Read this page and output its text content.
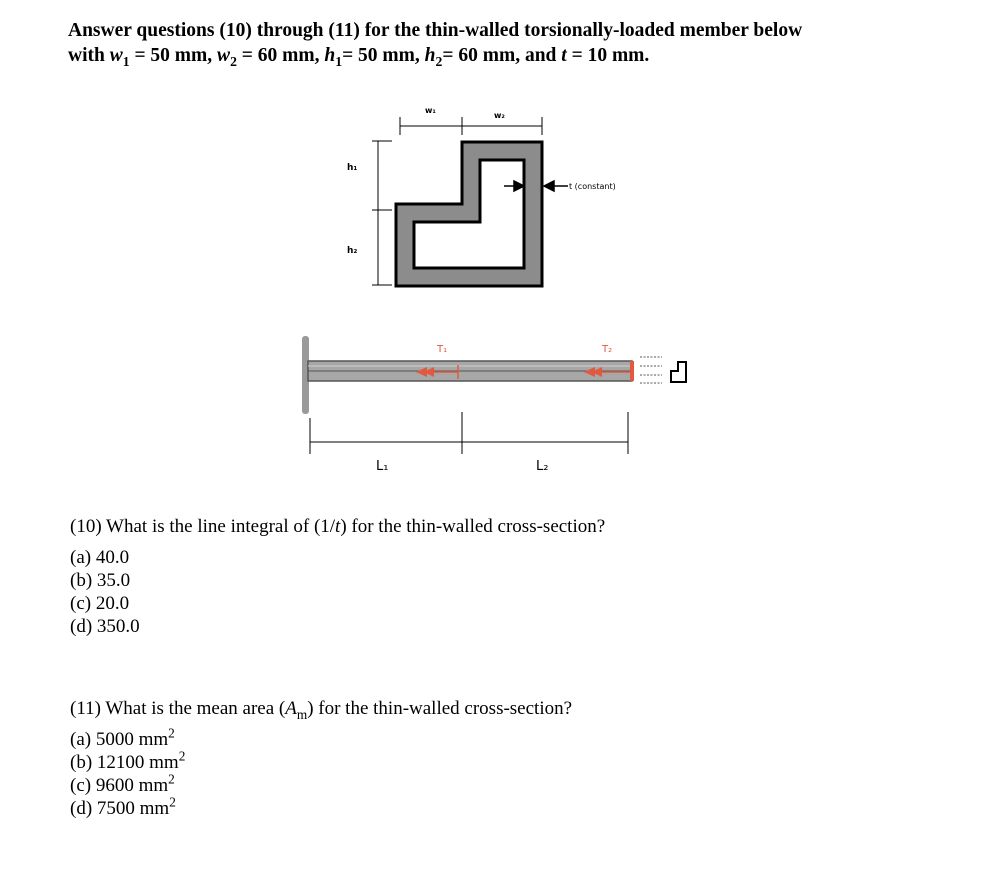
Answer questions (10) through (11) for the thin-walled torsionally-loaded member below
with $w_1 = 50$ mm, $w_2 = 60$ mm, $h_1= 50$ mm, $h_2= 60$ mm, and t = 10 mm.
w₁
w₂
h₁
h₂
t (constant)
T₁	T₂
L₁	L₂
(10) What is the line integral of (1/t) for the thin-walled cross-section?
(a) 40.0
(b) 35.0
(c) 20.0
(d) 350.0
(11) What is the mean area $(A_m)$ for the thin-walled cross-section?
(a) 5000 $mm^2$
(b) 12100 $mm^2$
(c) 9600 $mm^2$
(d) 7500 $mm^2$
